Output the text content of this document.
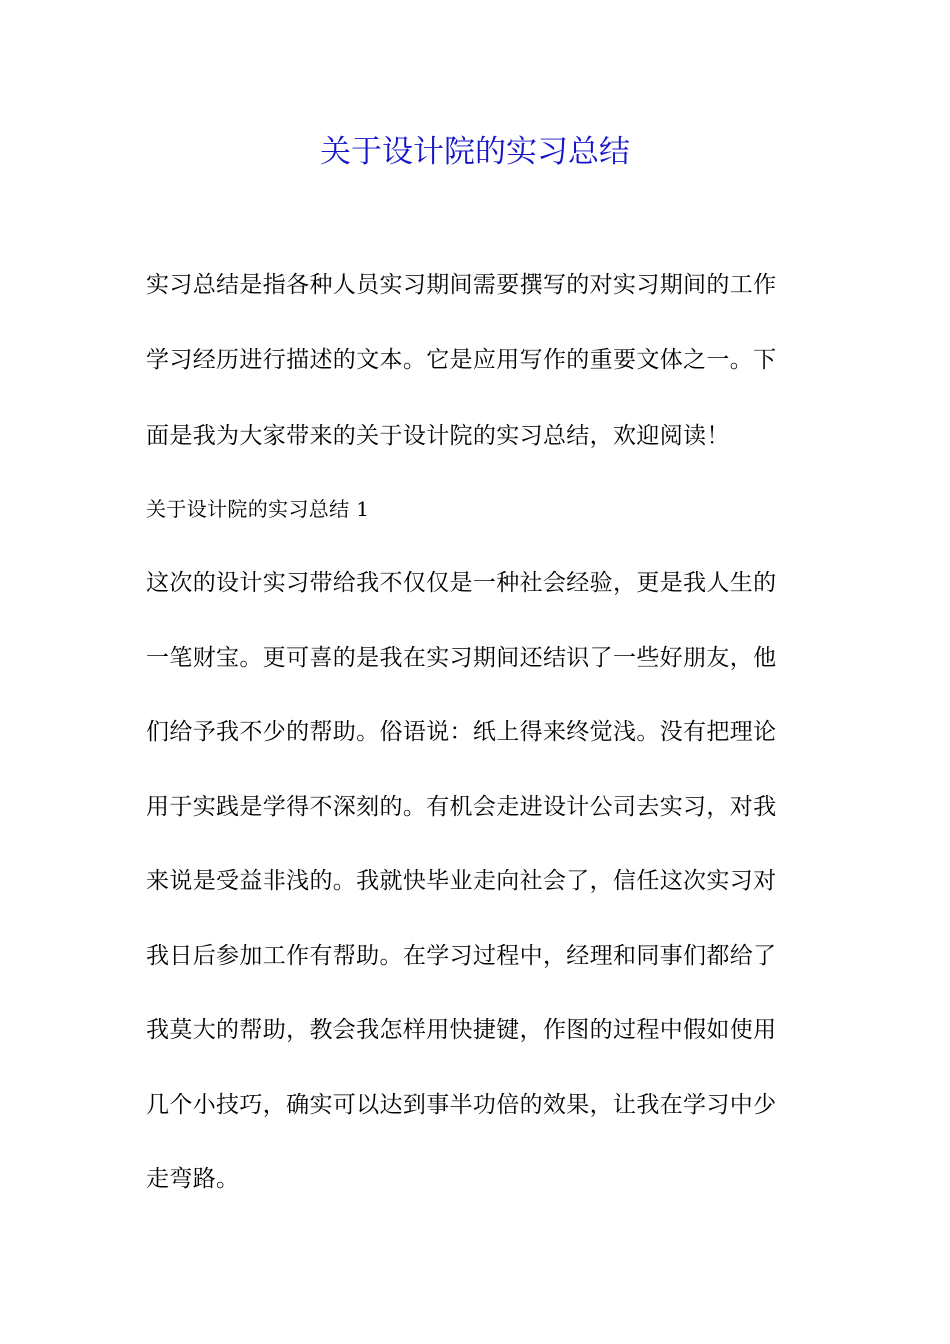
关于设计院的实习总结
实习总结是指各种人员实习期间需要撰写的对实习期间的工作
学习经历进行描述的文本。它是应用写作的重要文体之一。下
面是我为大家带来的关于设计院的实习总结，欢迎阅读！
关于设计院的实习总结 1
这次的设计实习带给我不仅仅是一种社会经验，更是我人生的
一笔财宝。更可喜的是我在实习期间还结识了一些好朋友，他
们给予我不少的帮助。俗语说：纸上得来终觉浅。没有把理论
用于实践是学得不深刻的。有机会走进设计公司去实习，对我
来说是受益非浅的。我就快毕业走向社会了，信任这次实习对
我日后参加工作有帮助。在学习过程中，经理和同事们都给了
我莫大的帮助，教会我怎样用快捷键，作图的过程中假如使用
几个小技巧，确实可以达到事半功倍的效果，让我在学习中少
走弯路。
